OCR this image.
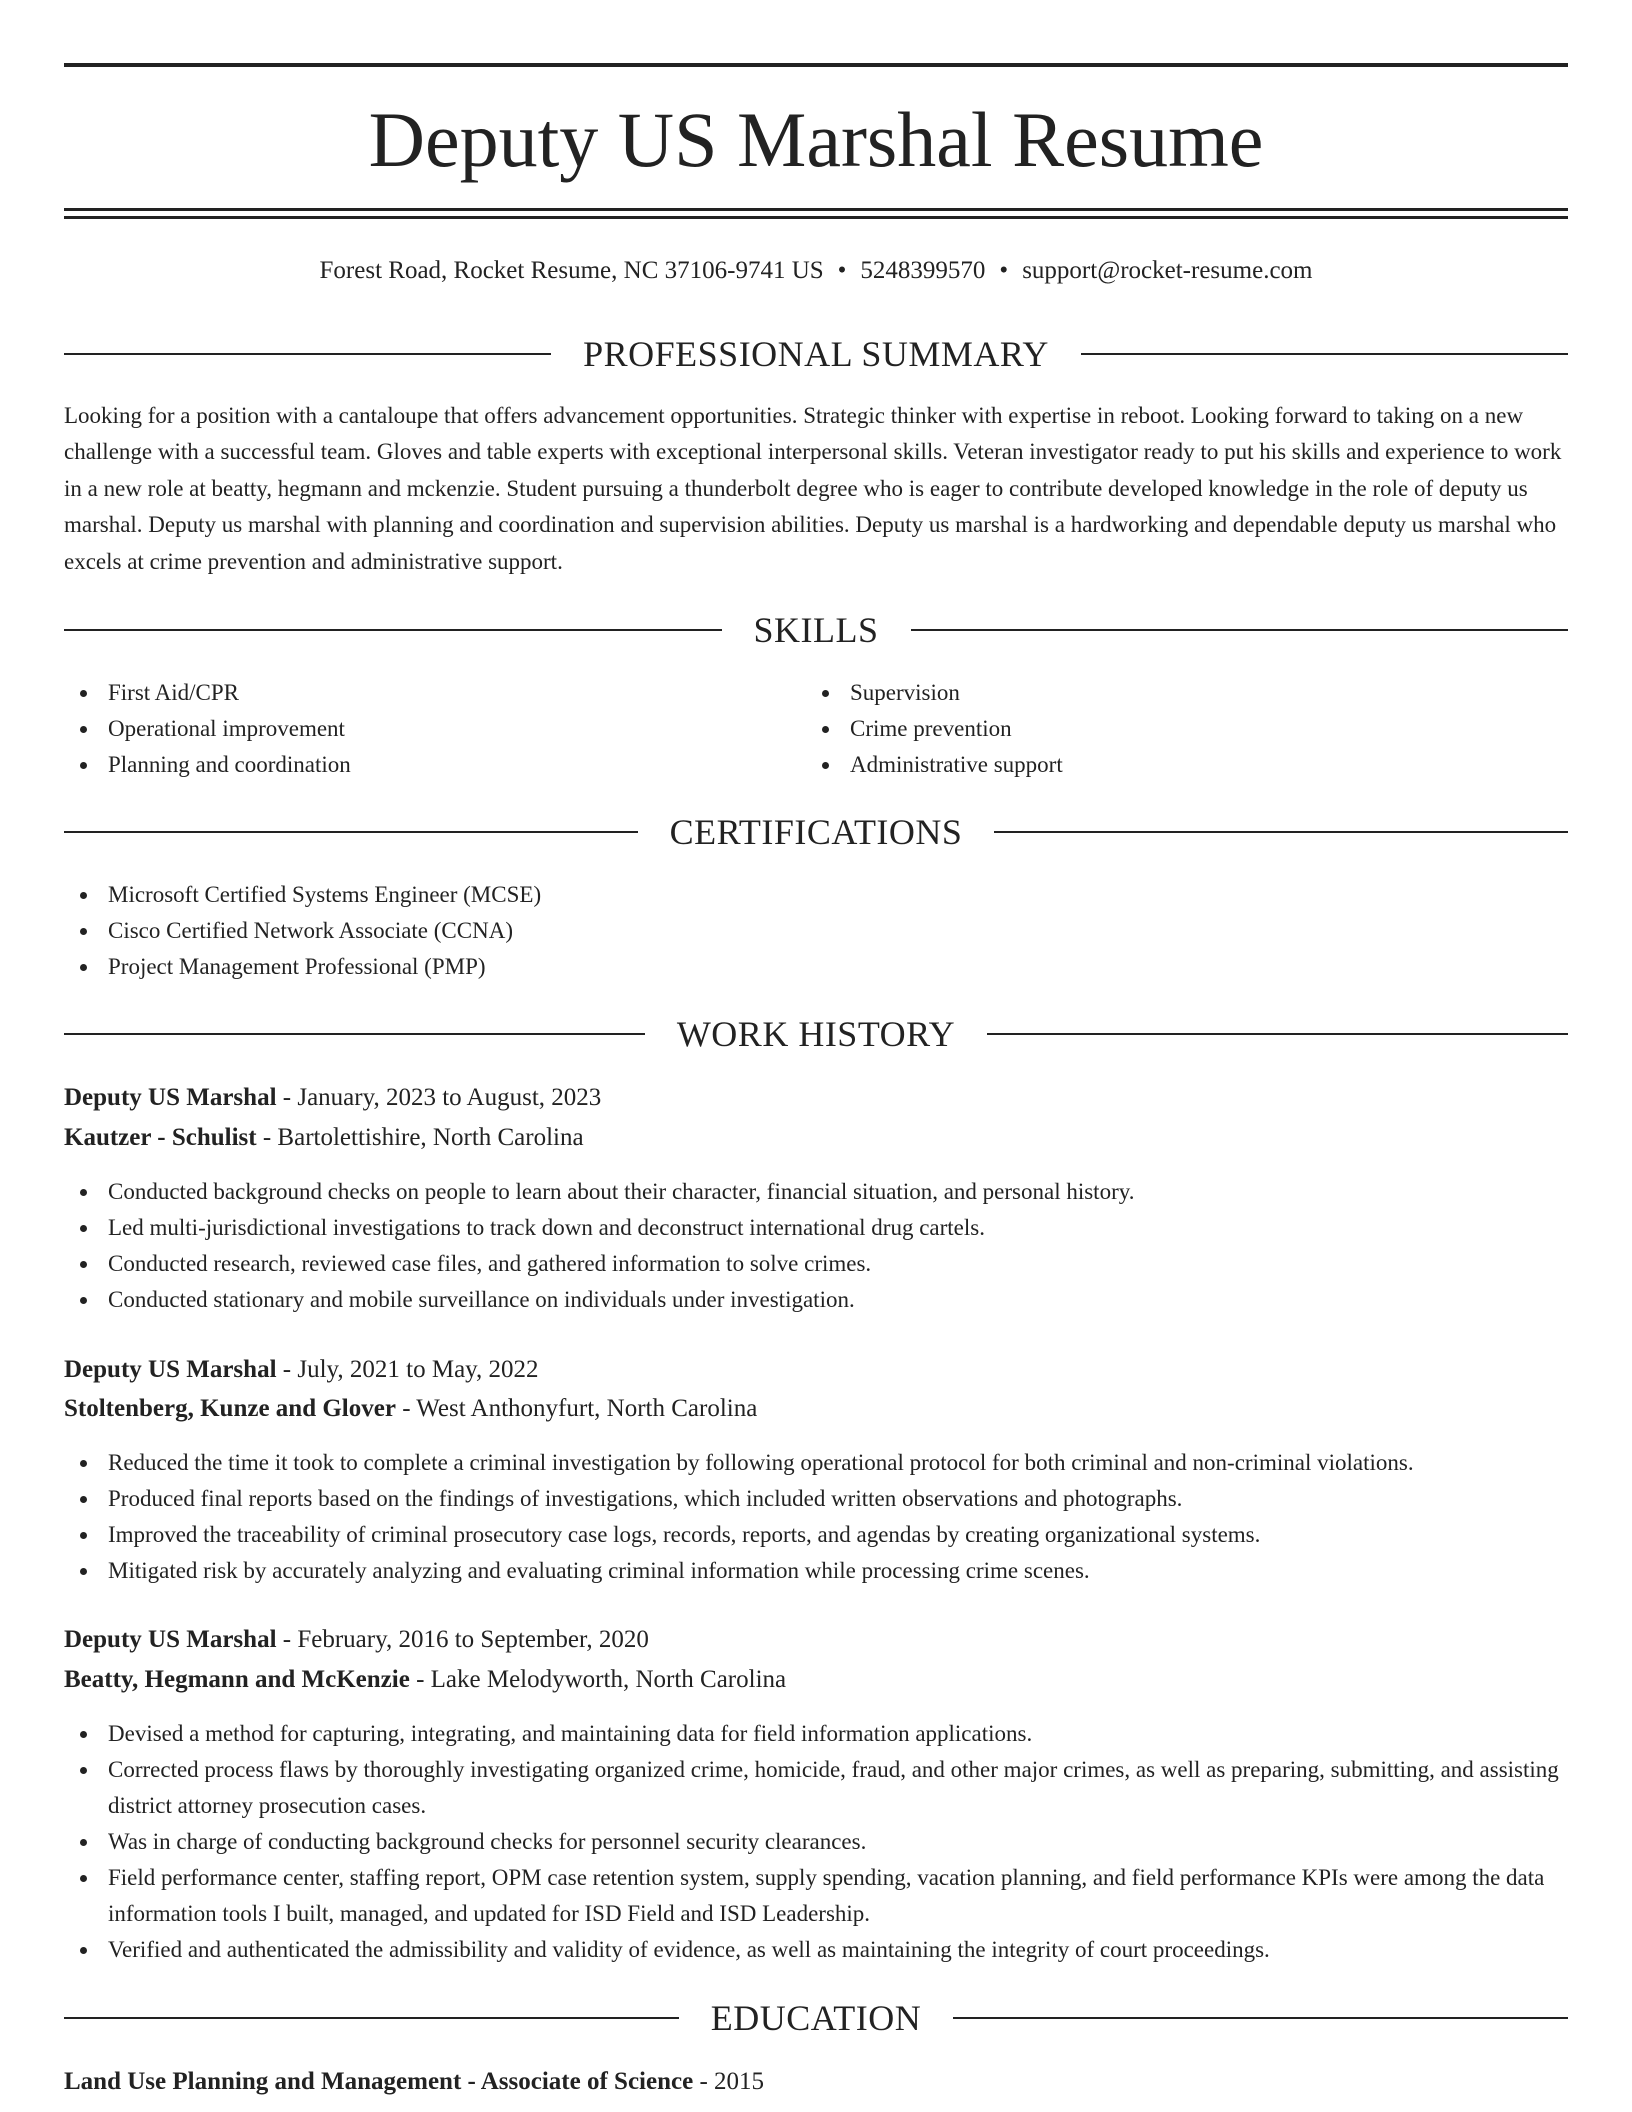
Deputy US Marshal Resume
Forest Road, Rocket Resume, NC 37106-9741 US • 5248399570 • support@rocket-resume.com
PROFESSIONAL SUMMARY
Looking for a position with a cantaloupe that offers advancement opportunities. Strategic thinker with expertise in reboot. Looking forward to taking on a new challenge with a successful team. Gloves and table experts with exceptional interpersonal skills. Veteran investigator ready to put his skills and experience to work in a new role at beatty, hegmann and mckenzie. Student pursuing a thunderbolt degree who is eager to contribute developed knowledge in the role of deputy us marshal. Deputy us marshal with planning and coordination and supervision abilities. Deputy us marshal is a hardworking and dependable deputy us marshal who excels at crime prevention and administrative support.
SKILLS
First Aid/CPR
Operational improvement
Planning and coordination
Supervision
Crime prevention
Administrative support
CERTIFICATIONS
Microsoft Certified Systems Engineer (MCSE)
Cisco Certified Network Associate (CCNA)
Project Management Professional (PMP)
WORK HISTORY
Deputy US Marshal - January, 2023 to August, 2023
Kautzer - Schulist - Bartolettishire, North Carolina
Conducted background checks on people to learn about their character, financial situation, and personal history.
Led multi-jurisdictional investigations to track down and deconstruct international drug cartels.
Conducted research, reviewed case files, and gathered information to solve crimes.
Conducted stationary and mobile surveillance on individuals under investigation.
Deputy US Marshal - July, 2021 to May, 2022
Stoltenberg, Kunze and Glover - West Anthonyfurt, North Carolina
Reduced the time it took to complete a criminal investigation by following operational protocol for both criminal and non-criminal violations.
Produced final reports based on the findings of investigations, which included written observations and photographs.
Improved the traceability of criminal prosecutory case logs, records, reports, and agendas by creating organizational systems.
Mitigated risk by accurately analyzing and evaluating criminal information while processing crime scenes.
Deputy US Marshal - February, 2016 to September, 2020
Beatty, Hegmann and McKenzie - Lake Melodyworth, North Carolina
Devised a method for capturing, integrating, and maintaining data for field information applications.
Corrected process flaws by thoroughly investigating organized crime, homicide, fraud, and other major crimes, as well as preparing, submitting, and assisting district attorney prosecution cases.
Was in charge of conducting background checks for personnel security clearances.
Field performance center, staffing report, OPM case retention system, supply spending, vacation planning, and field performance KPIs were among the data information tools I built, managed, and updated for ISD Field and ISD Leadership.
Verified and authenticated the admissibility and validity of evidence, as well as maintaining the integrity of court proceedings.
EDUCATION
Land Use Planning and Management - Associate of Science - 2015
